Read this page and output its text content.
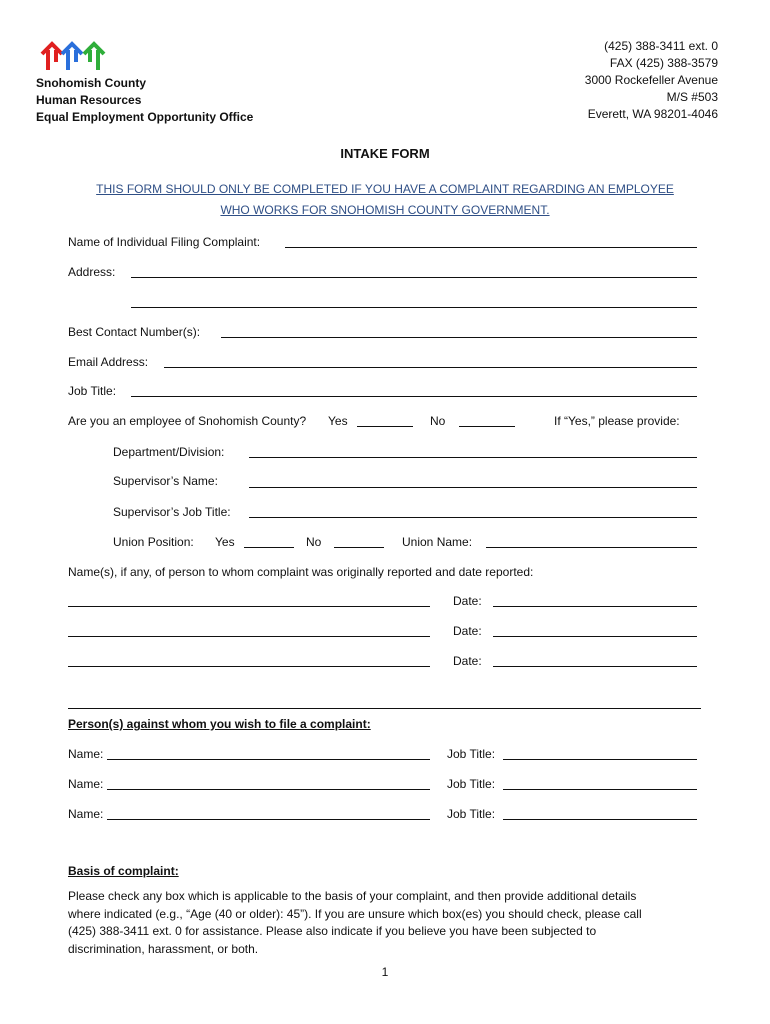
Snohomish County
Human Resources
Equal Employment Opportunity Office
(425) 388-3411 ext. 0
FAX (425) 388-3579
3000 Rockefeller Avenue
M/S #503
Everett, WA 98201-4046
INTAKE FORM
THIS FORM SHOULD ONLY BE COMPLETED IF YOU HAVE A COMPLAINT REGARDING AN EMPLOYEE
WHO WORKS FOR SNOHOMISH COUNTY GOVERNMENT.
Name of Individual Filing Complaint:
Address:
Best Contact Number(s):
Email Address:
Job Title:
Are you an employee of Snohomish County? Yes	No	If “Yes,” please provide:
Department/Division:
Supervisor’s Name:
Supervisor’s Job Title:
Union Position: Yes	No	Union Name:
Name(s), if any, of person to whom complaint was originally reported and date reported:
Date:
Date:
Date:
Person(s) against whom you wish to file a complaint:
Name:	Job Title:
Name:	Job Title:
Name:	Job Title:
Basis of complaint:
Please check any box which is applicable to the basis of your complaint, and then provide additional details
where indicated (e.g., “Age (40 or older): 45”). If you are unsure which box(es) you should check, please call
(425) 388-3411 ext. 0 for assistance. Please also indicate if you believe you have been subjected to
discrimination, harassment, or both.
1
